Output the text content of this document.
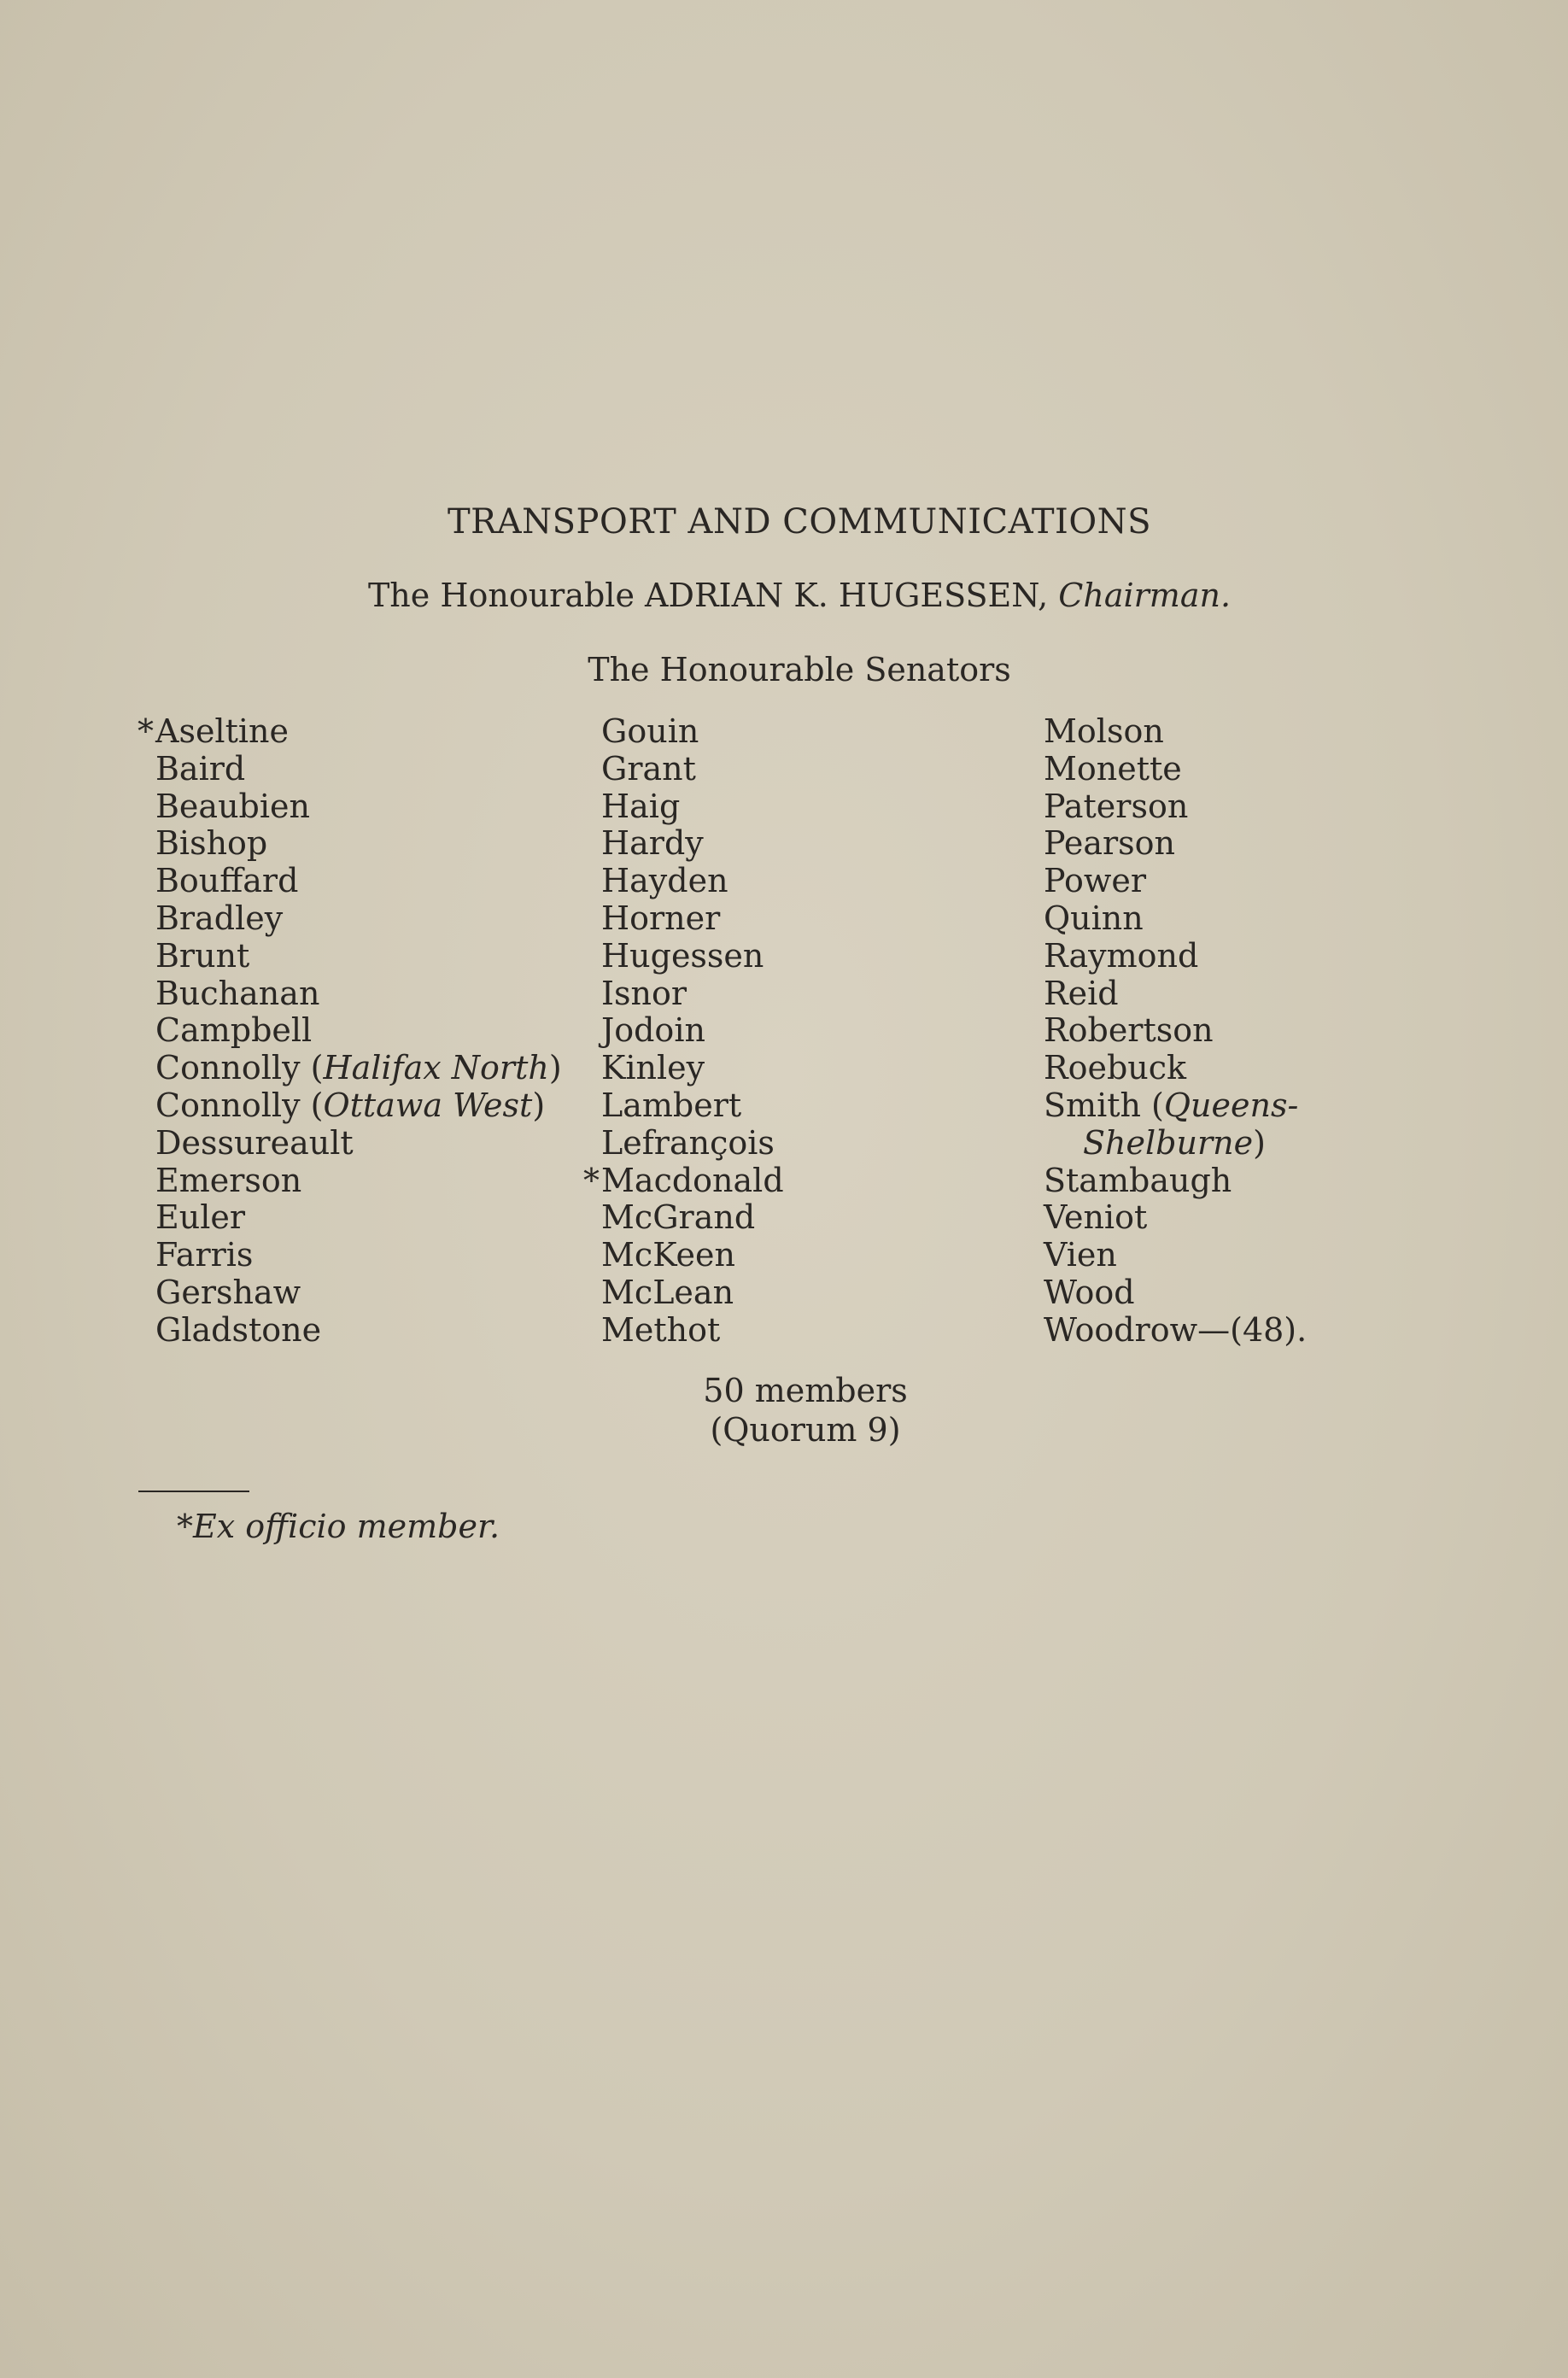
TRANSPORT AND COMMUNICATIONS
The Honourable ADRIAN K. HUGESSEN, Chairman.
The Honourable Senators
* Aseltine
Baird
Beaubien
Bishop
Bouffard
Bradley
Brunt
Buchanan
Campbell
Connolly (Halifax North)
Connolly (Ottawa West)
Dessureault
Emerson
Euler
Farris
Gershaw
Gladstone
Gouin
Grant
Haig
Hardy
Hayden
Horner
Hugessen
Isnor
Jodoin
Kinley
Lambert
Lefrançois
* Macdonald
McGrand
McKeen
McLean
Methot
Molson
Monette
Paterson
Pearson
Power
Quinn
Raymond
Reid
Robertson
Roebuck
Smith (Queens-
Shelburne)
Stambaugh
Veniot
Vien
Wood
Woodrow—(48).
50 members
(Quorum 9)
*Ex officio member.
